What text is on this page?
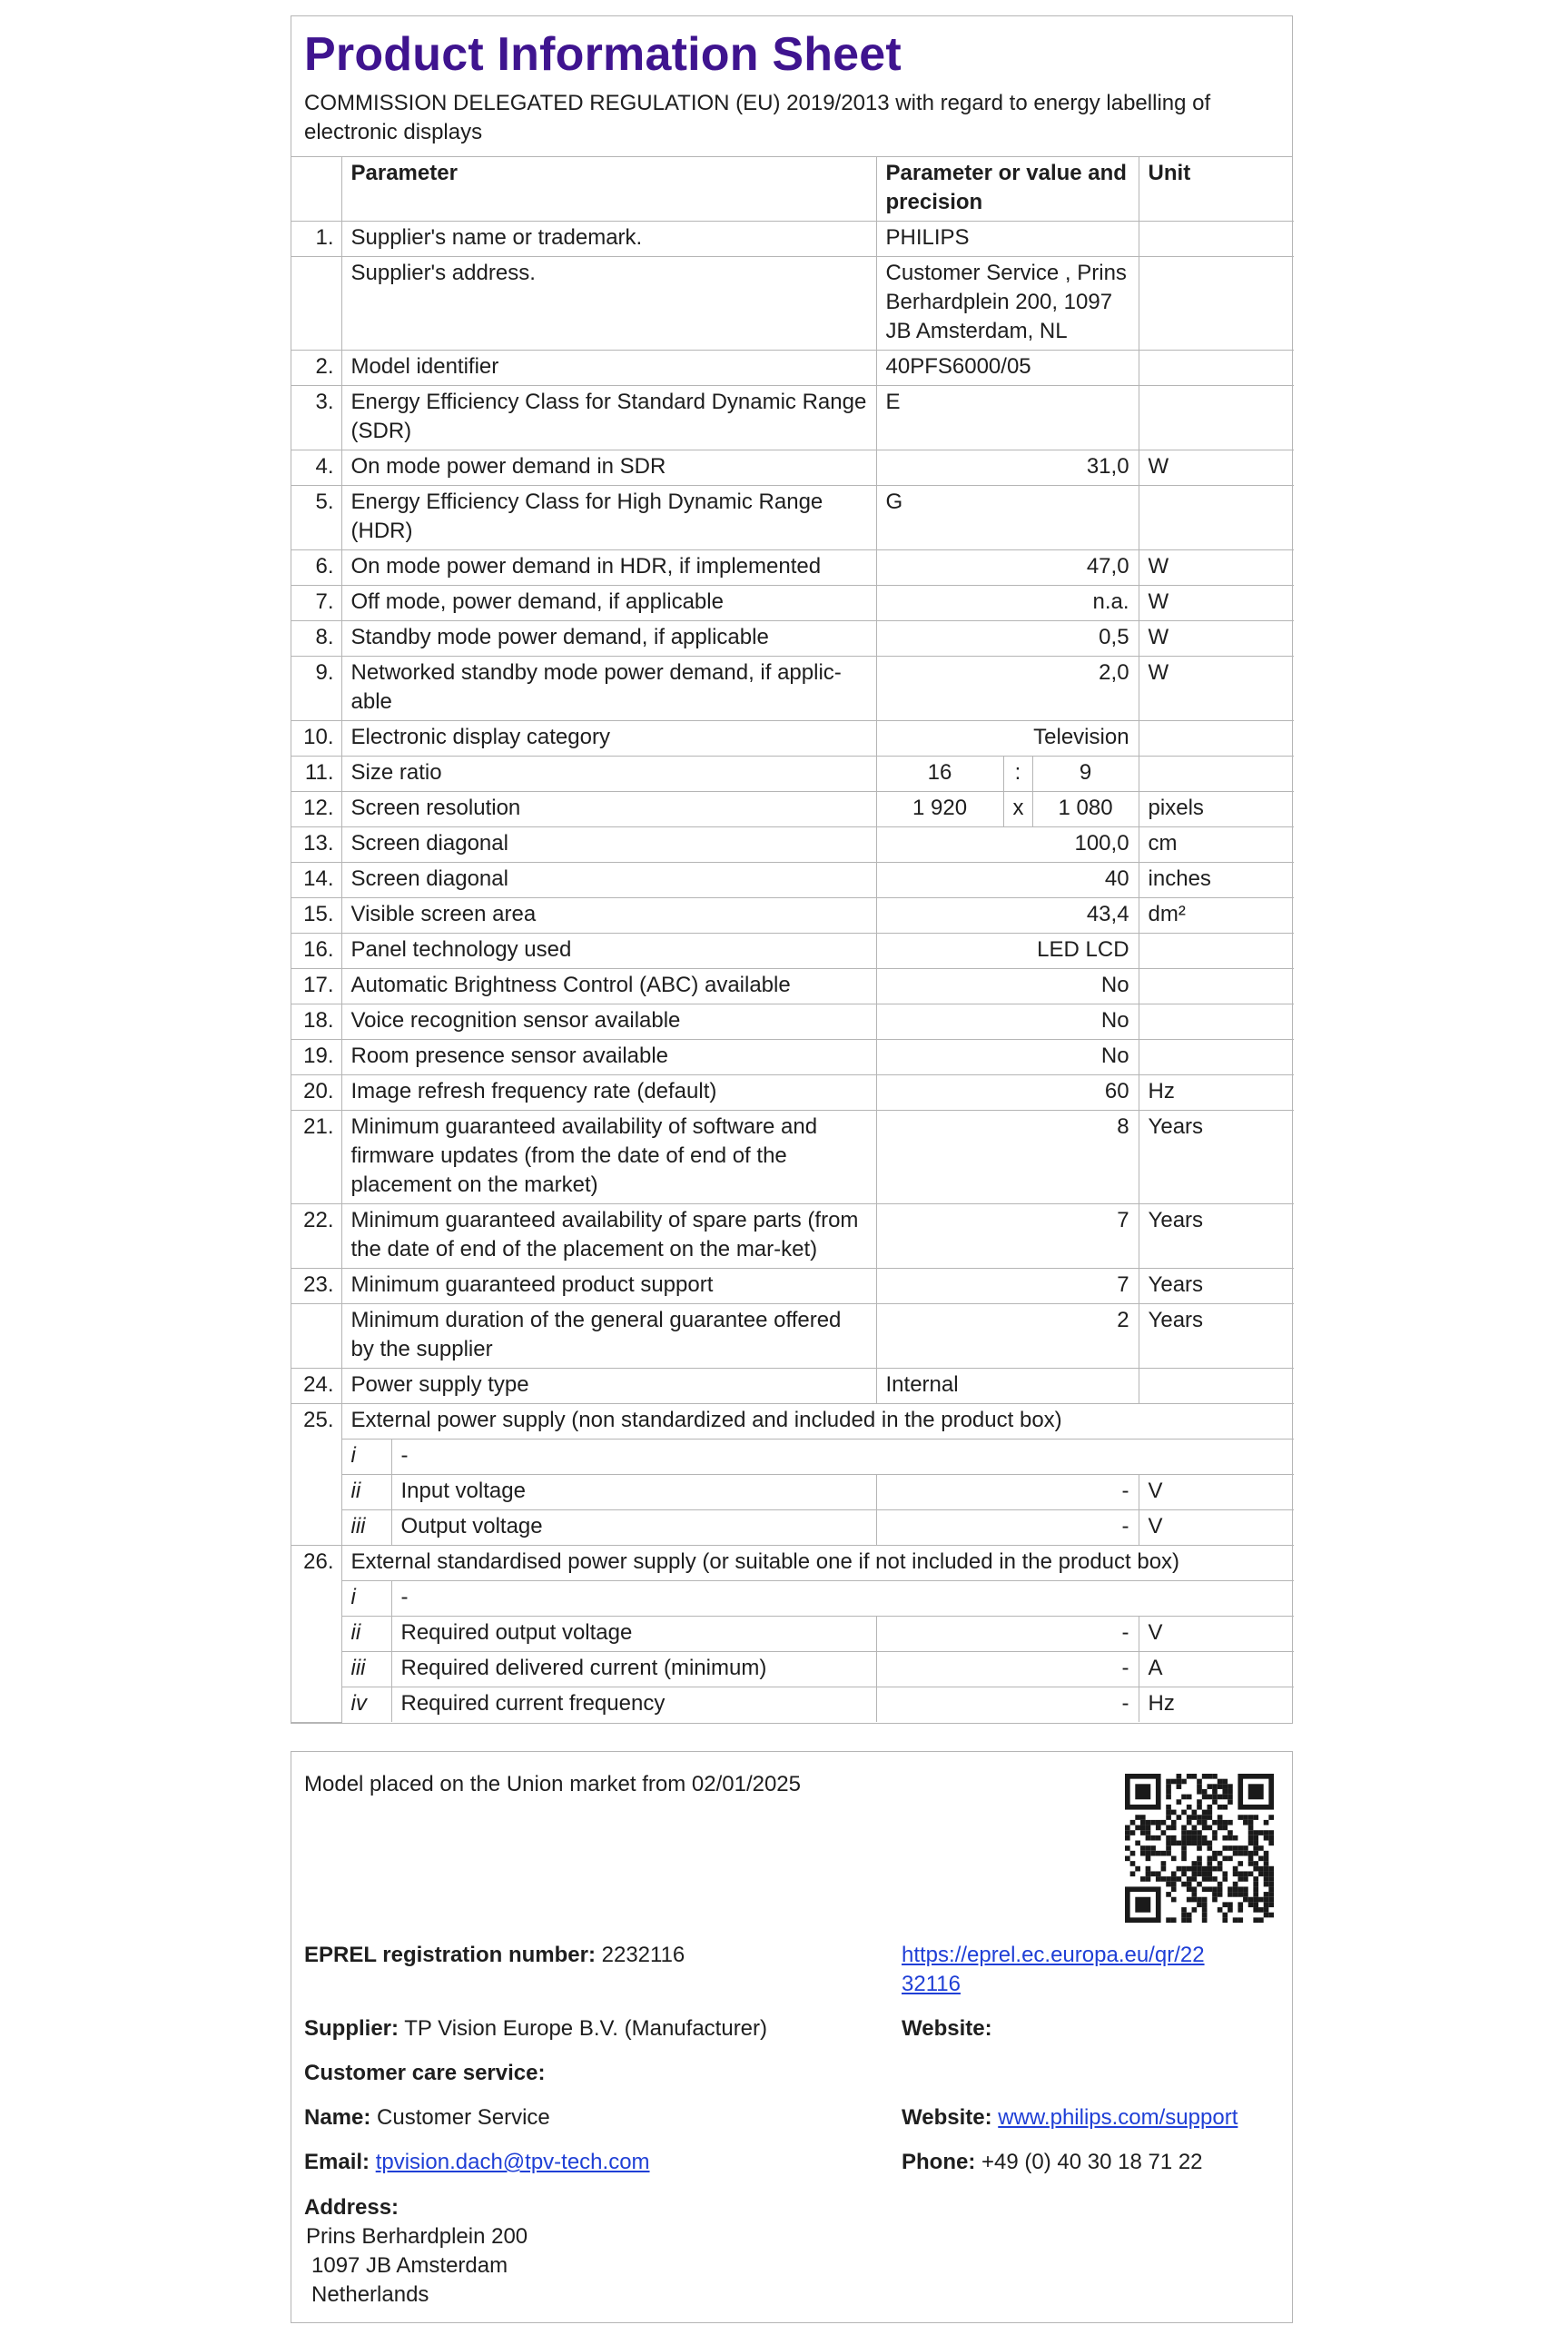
Product Information Sheet
COMMISSION DELEGATED REGULATION (EU) 2019/2013 with regard to energy labelling of electronic displays
	Parameter		Parameter or value and precision			Unit
1.	Supplier's name or trademark.		PHILIPS			
	Supplier's address.		Customer Service , Prins Berhardplein 200, 1097 JB Amsterdam, NL			
2.	Model identifier		40PFS6000/05			
3.	Energy Efficiency Class for Standard Dynamic Range (SDR)		E			
4.	On mode power demand in SDR		31,0			W
5.	Energy Efficiency Class for High Dynamic Range (HDR)		G			
6.	On mode power demand in HDR, if implemented		47,0			W
7.	Off mode, power demand, if applicable		n.a.			W
8.	Standby mode power demand, if applicable		0,5			W
9.	Networked standby mode power demand, if applic-able		2,0			W
10.	Electronic display category		Television			
11.	Size ratio		16	:	9	
12.	Screen resolution		1 920	x	1 080	pixels
13.	Screen diagonal		100,0			cm
14.	Screen diagonal		40			inches
15.	Visible screen area		43,4			dm²
16.	Panel technology used		LED LCD			
17.	Automatic Brightness Control (ABC) available		No			
18.	Voice recognition sensor available		No			
19.	Room presence sensor available		No			
20.	Image refresh frequency rate (default)		60			Hz
21.	Minimum guaranteed availability of software and firmware updates (from the date of end of the placement on the market)		8			Years
22.	Minimum guaranteed availability of spare parts (from the date of end of the placement on the mar-ket)		7			Years
23.	Minimum guaranteed product support		7			Years
	Minimum duration of the general guarantee offered by the supplier		2			Years
24.	Power supply type		Internal			
25.	External power supply (non standardized and included in the product box)					
	i	-				
	ii	Input voltage	-			V
	iii	Output voltage	-			V
26.	External standardised power supply (or suitable one if not included in the product box)					
	i	-				
	ii	Required output voltage	-			V
	iii	Required delivered current (minimum)	-			A
	iv	Required current frequency	-			Hz
Model placed on the Union market from 02/01/2025
EPREL registration number: 2232116	https://eprel.ec.europa.eu/qr/22
32116
Supplier: TP Vision Europe B.V. (Manufacturer)	Website:
Customer care service:
Name: Customer Service	Website: www.philips.com/support
Email: tpvision.dach@tpv-tech.com	Phone: +49 (0) 40 30 18 71 22
Address:
Prins Berhardplein 200
1097 JB Amsterdam
Netherlands
